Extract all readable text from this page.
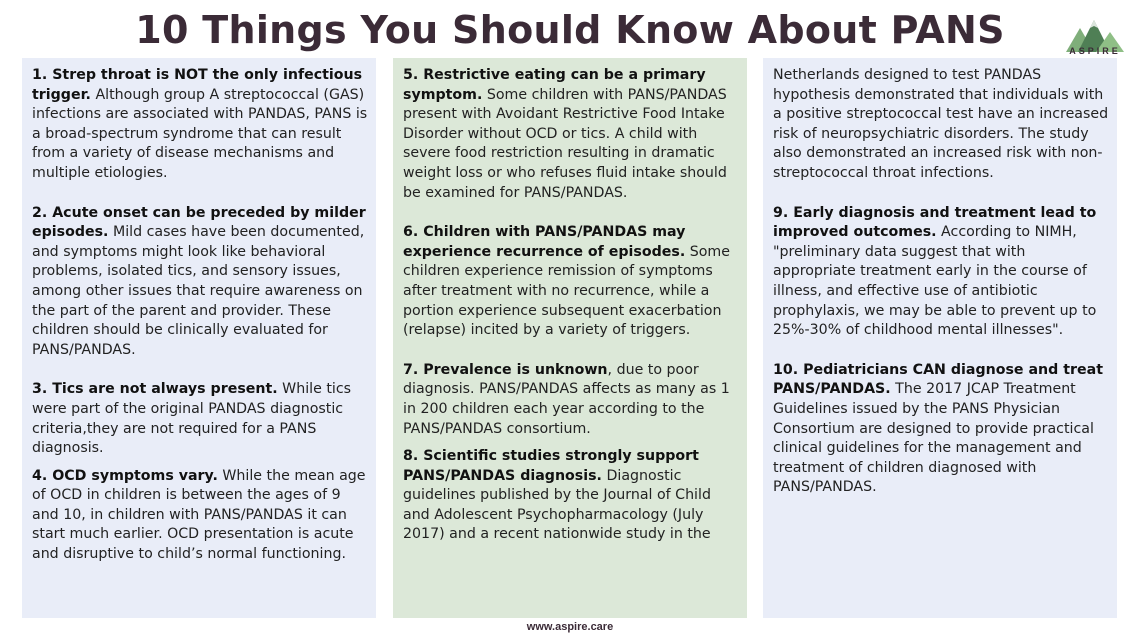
10 Things You Should Know About PANS	ASPIRE

1. Strep throat is NOT the only infectious trigger. Although group A streptococcal (GAS) infections are associated with PANDAS, PANS is a broad-spectrum syndrome that can result from a variety of disease mechanisms and multiple etiologies.

2. Acute onset can be preceded by milder episodes. Mild cases have been documented, and symptoms might look like behavioral problems, isolated tics, and sensory issues, among other issues that require awareness on the part of the parent and provider. These children should be clinically evaluated for PANS/PANDAS.

3. Tics are not always present. While tics were part of the original PANDAS diagnostic criteria,they are not required for a PANS diagnosis.

4. OCD symptoms vary. While the mean age of OCD in children is between the ages of 9 and 10, in children with PANS/PANDAS it can start much earlier. OCD presentation is acute and disruptive to child’s normal functioning.

5. Restrictive eating can be a primary symptom. Some children with PANS/PANDAS present with Avoidant Restrictive Food Intake Disorder without OCD or tics. A child with severe food restriction resulting in dramatic weight loss or who refuses fluid intake should be examined for PANS/PANDAS.

6. Children with PANS/PANDAS may experience recurrence of episodes. Some children experience remission of symptoms after treatment with no recurrence, while a portion experience subsequent exacerbation (relapse) incited by a variety of triggers.

7. Prevalence is unknown, due to poor diagnosis. PANS/PANDAS affects as many as 1 in 200 children each year according to the PANS/PANDAS consortium.

8. Scientific studies strongly support PANS/PANDAS diagnosis. Diagnostic guidelines published by the Journal of Child and Adolescent Psychopharmacology (July 2017) and a recent nationwide study in the

Netherlands designed to test PANDAS hypothesis demonstrated that individuals with a positive streptococcal test have an increased risk of neuropsychiatric disorders. The study also demonstrated an increased risk with non-streptococcal throat infections.

9. Early diagnosis and treatment lead to improved outcomes. According to NIMH, "preliminary data suggest that with appropriate treatment early in the course of illness, and effective use of antibiotic prophylaxis, we may be able to prevent up to 25%-30% of childhood mental illnesses".

10. Pediatricians CAN diagnose and treat PANS/PANDAS. The 2017 JCAP Treatment Guidelines issued by the PANS Physician Consortium are designed to provide practical clinical guidelines for the management and treatment of children diagnosed with PANS/PANDAS.

www.aspire.care
